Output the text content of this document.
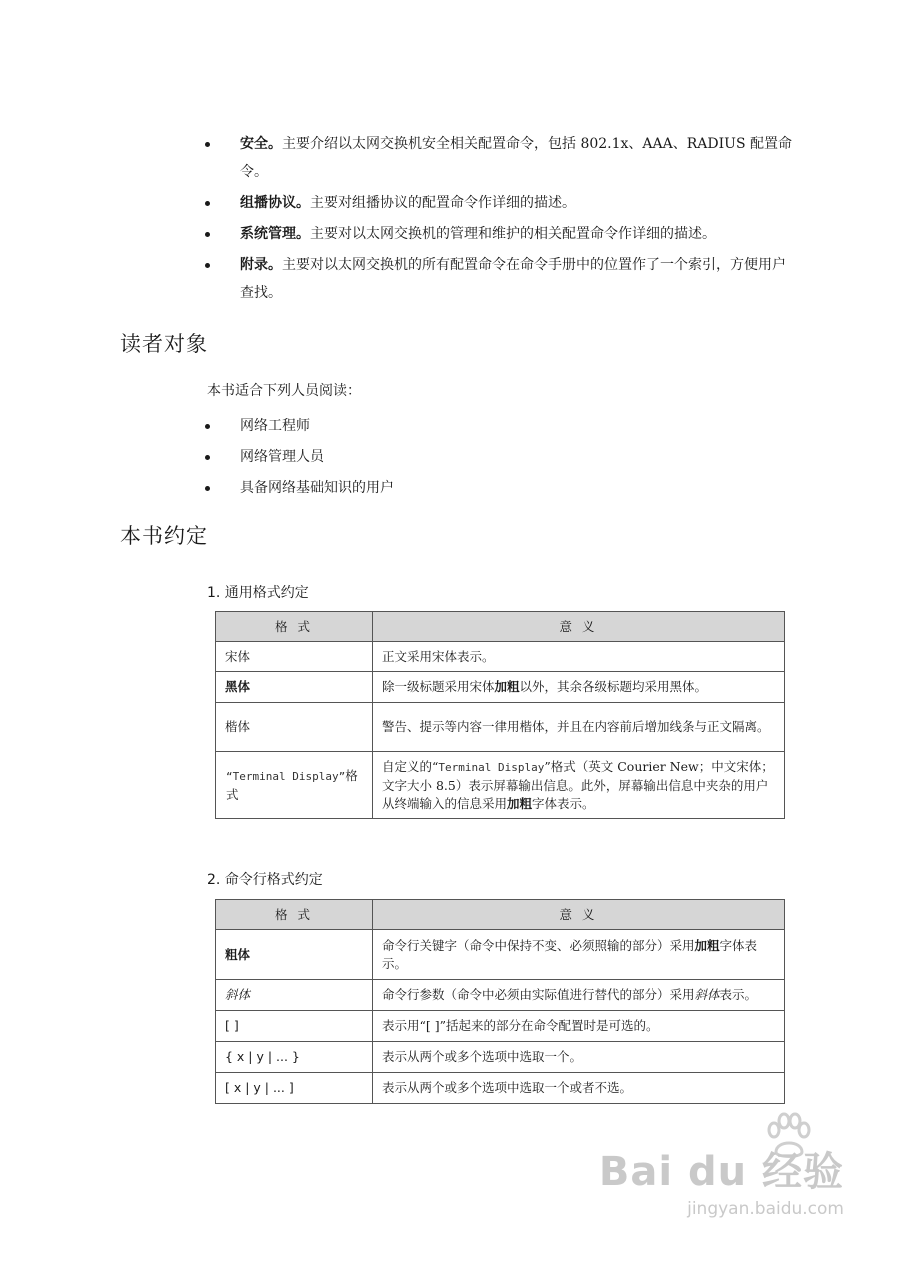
安全。主要介绍以太网交换机安全相关配置命令，包括 802.1x、AAA、RADIUS 配置命令。
组播协议。主要对组播协议的配置命令作详细的描述。
系统管理。主要对以太网交换机的管理和维护的相关配置命令作详细的描述。
附录。主要对以太网交换机的所有配置命令在命令手册中的位置作了一个索引，方便用户查找。
读者对象
本书适合下列人员阅读：
网络工程师
网络管理人员
具备网络基础知识的用户
本书约定
1. 通用格式约定
格 式	意 义
宋体	正文采用宋体表示。
黑体	除一级标题采用宋体加粗以外，其余各级标题均采用黑体。
楷体	警告、提示等内容一律用楷体，并且在内容前后增加线条与正文隔离。
“Terminal Display”格式	自定义的“Terminal Display”格式（英文 Courier New；中文宋体；文字大小 8.5）表示屏幕输出信息。此外，屏幕输出信息中夹杂的用户从终端输入的信息采用加粗字体表示。
2. 命令行格式约定
格 式	意 义
粗体	命令行关键字（命令中保持不变、必须照输的部分）采用加粗字体表示。
斜体	命令行参数（命令中必须由实际值进行替代的部分）采用斜体表示。
[ ]	表示用“[ ]”括起来的部分在命令配置时是可选的。
{ x | y | ... }	表示从两个或多个选项中选取一个。
[ x | y | ... ]	表示从两个或多个选项中选取一个或者不选。
Bai du 经验
jingyan.baidu.com
